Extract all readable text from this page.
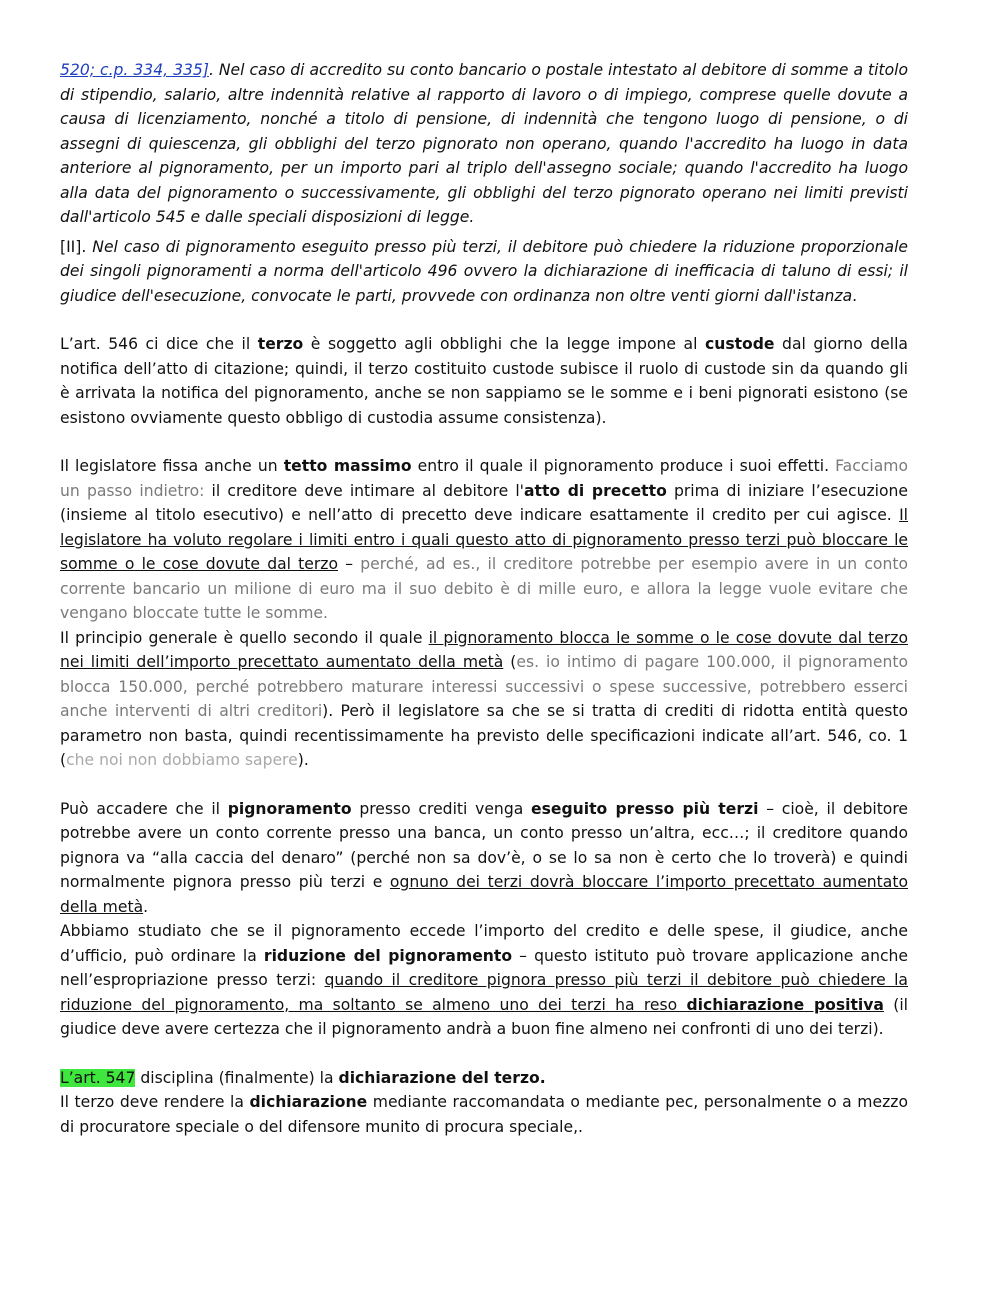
520; c.p. 334, 335]. Nel caso di accredito su conto bancario o postale intestato al debitore di somme a titolo di stipendio, salario, altre indennità relative al rapporto di lavoro o di impiego, comprese quelle dovute a causa di licenziamento, nonché a titolo di pensione, di indennità che tengono luogo di pensione, o di assegni di quiescenza, gli obblighi del terzo pignorato non operano, quando l'accredito ha luogo in data anteriore al pignoramento, per un importo pari al triplo dell'assegno sociale; quando l'accredito ha luogo alla data del pignoramento o successivamente, gli obblighi del terzo pignorato operano nei limiti previsti dall'articolo 545 e dalle speciali disposizioni di legge.

[II]. Nel caso di pignoramento eseguito presso più terzi, il debitore può chiedere la riduzione proporzionale dei singoli pignoramenti a norma dell'articolo 496 ovvero la dichiarazione di inefficacia di taluno di essi; il giudice dell'esecuzione, convocate le parti, provvede con ordinanza non oltre venti giorni dall'istanza.

L’art. 546 ci dice che il terzo è soggetto agli obblighi che la legge impone al custode dal giorno della notifica dell’atto di citazione; quindi, il terzo costituito custode subisce il ruolo di custode sin da quando gli è arrivata la notifica del pignoramento, anche se non sappiamo se le somme e i beni pignorati esistono (se esistono ovviamente questo obbligo di custodia assume consistenza).

Il legislatore fissa anche un tetto massimo entro il quale il pignoramento produce i suoi effetti. Facciamo un passo indietro: il creditore deve intimare al debitore l'atto di precetto prima di iniziare l’esecuzione (insieme al titolo esecutivo) e nell’atto di precetto deve indicare esattamente il credito per cui agisce. Il legislatore ha voluto regolare i limiti entro i quali questo atto di pignoramento presso terzi può bloccare le somme o le cose dovute dal terzo – perché, ad es., il creditore potrebbe per esempio avere in un conto corrente bancario un milione di euro ma il suo debito è di mille euro, e allora la legge vuole evitare che vengano bloccate tutte le somme.

Il principio generale è quello secondo il quale il pignoramento blocca le somme o le cose dovute dal terzo nei limiti dell’importo precettato aumentato della metà (es. io intimo di pagare 100.000, il pignoramento blocca 150.000, perché potrebbero maturare interessi successivi o spese successive, potrebbero esserci anche interventi di altri creditori). Però il legislatore sa che se si tratta di crediti di ridotta entità questo parametro non basta, quindi recentissimamente ha previsto delle specificazioni indicate all’art. 546, co. 1 (che noi non dobbiamo sapere).

Può accadere che il pignoramento presso crediti venga eseguito presso più terzi – cioè, il debitore potrebbe avere un conto corrente presso una banca, un conto presso un’altra, ecc…; il creditore quando pignora va “alla caccia del denaro” (perché non sa dov’è, o se lo sa non è certo che lo troverà) e quindi normalmente pignora presso più terzi e ognuno dei terzi dovrà bloccare l’importo precettato aumentato della metà.

Abbiamo studiato che se il pignoramento eccede l’importo del credito e delle spese, il giudice, anche d’ufficio, può ordinare la riduzione del pignoramento – questo istituto può trovare applicazione anche nell’espropriazione presso terzi: quando il creditore pignora presso più terzi il debitore può chiedere la riduzione del pignoramento, ma soltanto se almeno uno dei terzi ha reso dichiarazione positiva (il giudice deve avere certezza che il pignoramento andrà a buon fine almeno nei confronti di uno dei terzi).

L’art. 547 disciplina (finalmente) la dichiarazione del terzo.

Il terzo deve rendere la dichiarazione mediante raccomandata o mediante pec, personalmente o a mezzo di procuratore speciale o del difensore munito di procura speciale,.
